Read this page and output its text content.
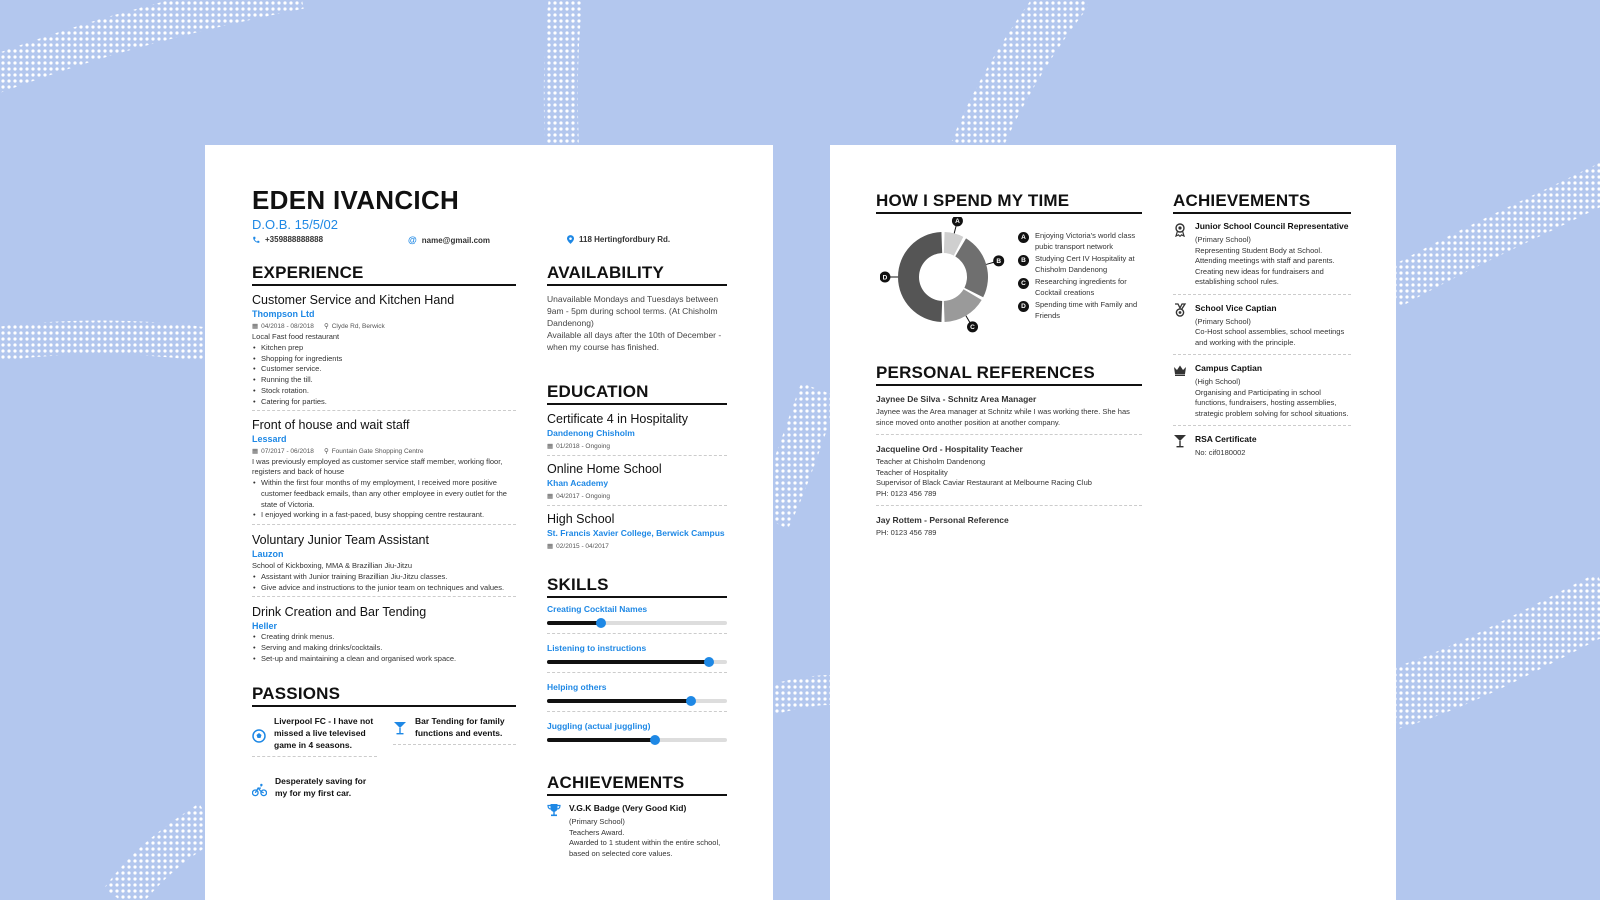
EDEN IVANCICH
D.O.B. 15/5/02
+359888888888	@ name@gmail.com	118 Hertingfordbury Rd.
EXPERIENCE
Customer Service and Kitchen Hand
Thompson Ltd
▦ 04/2018 - 08/2018 ⚲ Clyde Rd, Berwick
Local Fast food restaurant
• Kitchen prep
• Shopping for ingredients
• Customer service.
• Running the till.
• Stock rotation.
• Catering for parties.
Front of house and wait staff
Lessard
▦ 07/2017 - 06/2018 ⚲ Fountain Gate Shopping Centre
I was previously employed as customer service staff member, working floor, registers and back of house
• Within the first four months of my employment, I received more positive customer feedback emails, than any other employee in every outlet for the state of Victoria.
• I enjoyed working in a fast-paced, busy shopping centre restaurant.
Voluntary Junior Team Assistant
Lauzon
School of Kickboxing, MMA & Brazillian Jiu-Jitzu
• Assistant with Junior training Brazillian Jiu-Jitzu classes.
• Give advice and instructions to the junior team on techniques and values.
Drink Creation and Bar Tending
Heller
• Creating drink menus.
• Serving and making drinks/cocktails.
• Set-up and maintaining a clean and organised work space.
PASSIONS
Liverpool FC - I have not missed a live televised game in 4 seasons.
Bar Tending for family functions and events.
Desperately saving for my for my first car.
AVAILABILITY
Unavailable Mondays and Tuesdays between 9am - 5pm during school terms. (At Chisholm Dandenong)
Available all days after the 10th of December - when my course has finished.
EDUCATION
Certificate 4 in Hospitality
Dandenong Chisholm
▦ 01/2018 - Ongoing
Online Home School
Khan Academy
▦ 04/2017 - Ongoing
High School
St. Francis Xavier College, Berwick Campus
▦ 02/2015 - 04/2017
SKILLS
Creating Cocktail Names
Listening to instructions
Helping others
Juggling (actual juggling)
ACHIEVEMENTS
V.G.K Badge (Very Good Kid)
(Primary School)
Teachers Award.
Awarded to 1 student within the entire school, based on selected core values.
HOW I SPEND MY TIME
A
B
C
D
A	Enjoying Victoria's world class pubic transport network
B	Studying Cert IV Hospitality at Chisholm Dandenong
C	Researching ingredients for Cocktail creations
D	Spending time with Family and Friends
PERSONAL REFERENCES
Jaynee De Silva - Schnitz Area Manager
Jaynee was the Area manager at Schnitz while I was working there. She has since moved onto another position at another company.
Jacqueline Ord - Hospitality Teacher
Teacher at Chisholm Dandenong
Teacher of Hospitality
Supervisor of Black Caviar Restaurant at Melbourne Racing Club
PH: 0123 456 789
Jay Rottem - Personal Reference
PH: 0123 456 789
ACHIEVEMENTS
Junior School Council Representative
(Primary School)
Representing Student Body at School.
Attending meetings with staff and parents.
Creating new ideas for fundraisers and establishing school rules.
School Vice Captian
(Primary School)
Co-Host school assemblies, school meetings and working with the principle.
Campus Captian
(High School)
Organising and Participating in school functions, fundraisers, hosting assemblies, strategic problem solving for school situations.
RSA Certificate
No: cif0180002
